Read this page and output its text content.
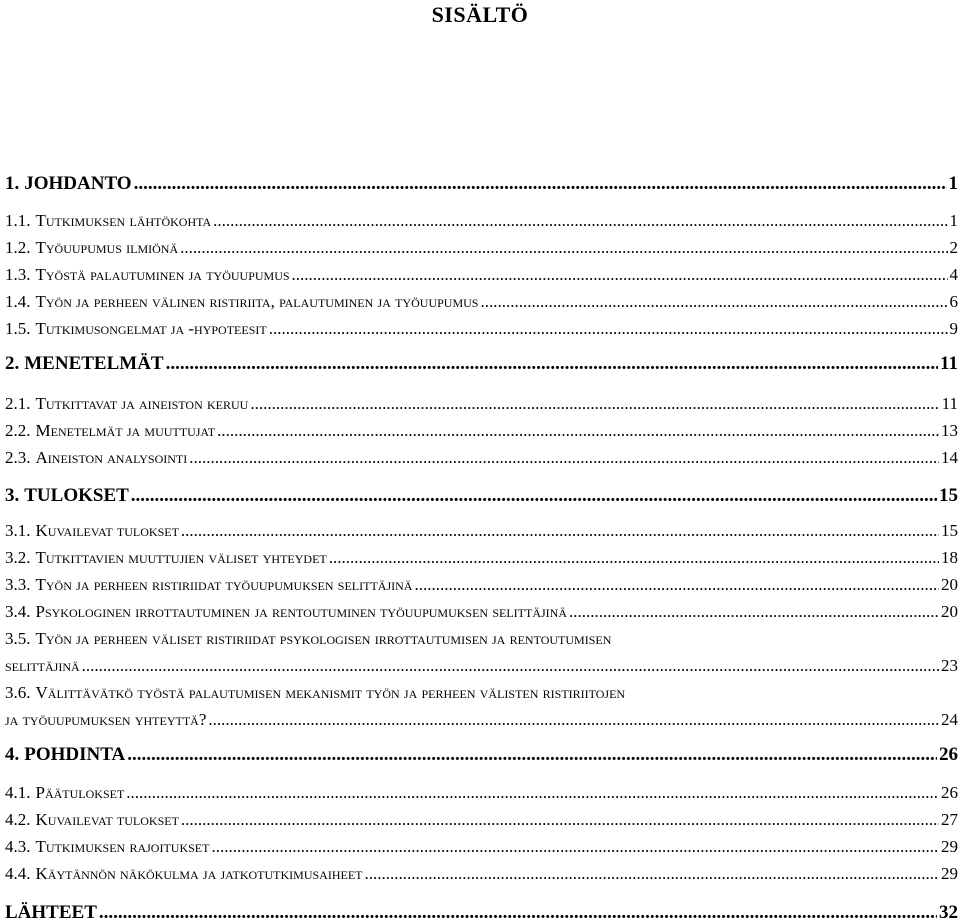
SISÄLTÖ
1. JOHDANTO .....	1
1.1. Tutkimuksen lähtökohta .....	1
1.2. Työuupumus ilmiönä .....	2
1.3. Työstä palautuminen ja työuupumus .....	4
1.4. Työn ja perheen välinen ristiriita, palautuminen ja työuupumus .....	6
1.5. Tutkimusongelmat ja -hypoteesit .....	9
2. MENETELMÄT .....	11
2.1. Tutkittavat ja aineiston keruu .....	11
2.2. Menetelmät ja muuttujat .....	13
2.3. Aineiston analysointi .....	14
3. TULOKSET .....	15
3.1. Kuvailevat tulokset .....	15
3.2. Tutkittavien muuttujien väliset yhteydet .....	18
3.3. Työn ja perheen ristiriidat työuupumuksen selittäjinä .....	20
3.4. Psykologinen irrottautuminen ja rentoutuminen työuupumuksen selittäjinä .....	20
3.5. Työn ja perheen väliset ristiriidat psykologisen irrottautumisen ja rentoutumisen
selittäjinä .....	23
3.6. Välittävätkö työstä palautumisen mekanismit työn ja perheen välisten ristiriitojen
ja työuupumuksen yhteyttä? .....	24
4. POHDINTA .....	26
4.1. Päätulokset .....	26
4.2. Kuvailevat tulokset .....	27
4.3. Tutkimuksen rajoitukset .....	29
4.4. Käytännön näkökulma ja jatkotutkimusaiheet .....	29
LÄHTEET .....	32
